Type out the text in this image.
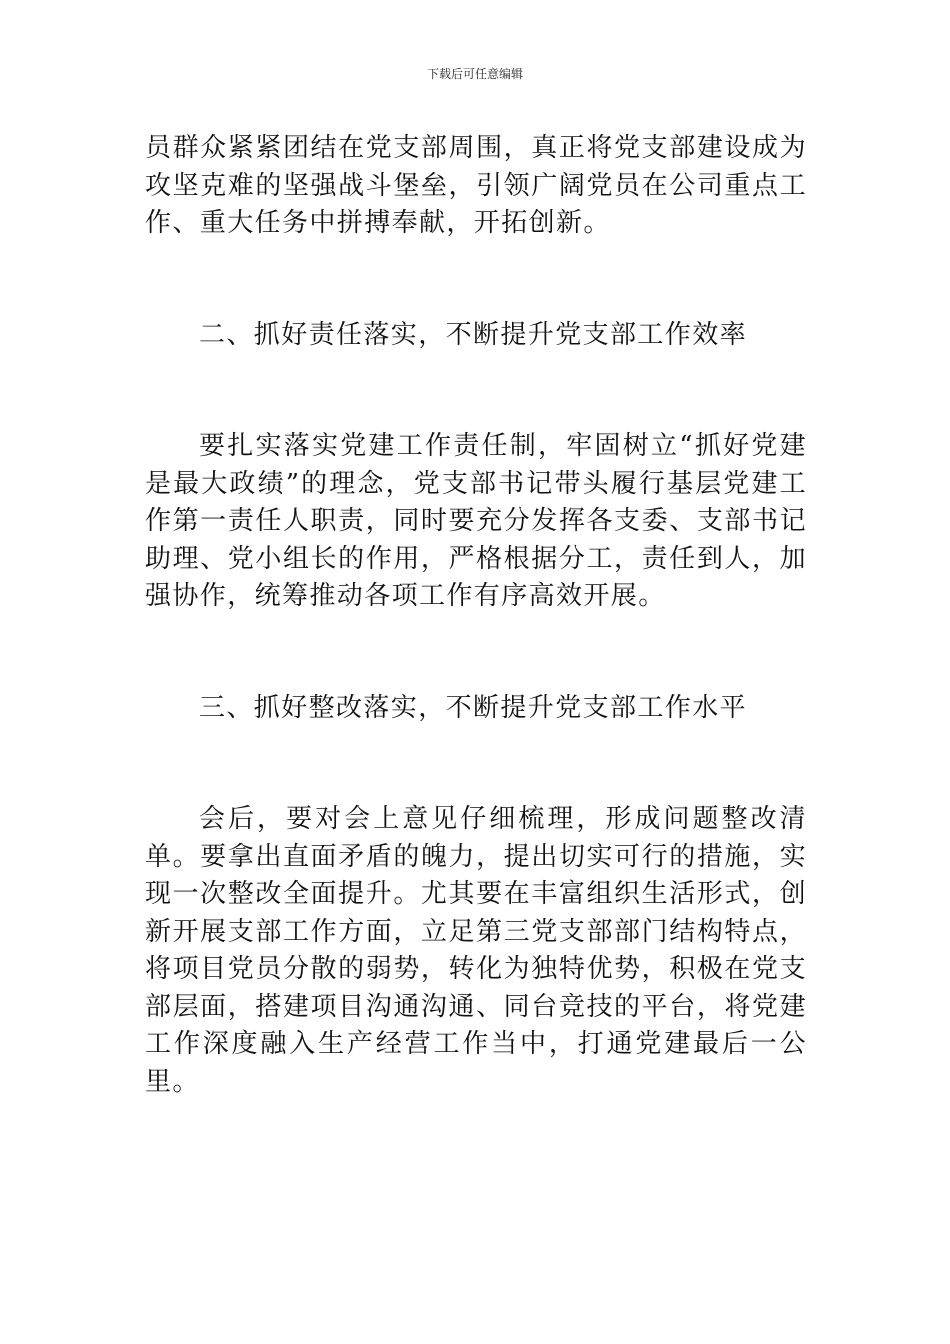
下载后可任意编辑

员群众紧紧团结在党支部周围，真正将党支部建设成为攻坚克难的坚强战斗堡垒，引领广阔党员在公司重点工作、重大任务中拼搏奉献，开拓创新。

二、抓好责任落实，不断提升党支部工作效率

要扎实落实党建工作责任制，牢固树立“抓好党建是最大政绩”的理念，党支部书记带头履行基层党建工作第一责任人职责，同时要充分发挥各支委、支部书记助理、党小组长的作用，严格根据分工，责任到人，加强协作，统筹推动各项工作有序高效开展。

三、抓好整改落实，不断提升党支部工作水平

会后，要对会上意见仔细梳理，形成问题整改清单。要拿出直面矛盾的魄力，提出切实可行的措施，实现一次整改全面提升。尤其要在丰富组织生活形式，创新开展支部工作方面，立足第三党支部部门结构特点，将项目党员分散的弱势，转化为独特优势，积极在党支部层面，搭建项目沟通沟通、同台竞技的平台，将党建工作深度融入生产经营工作当中，打通党建最后一公里。
